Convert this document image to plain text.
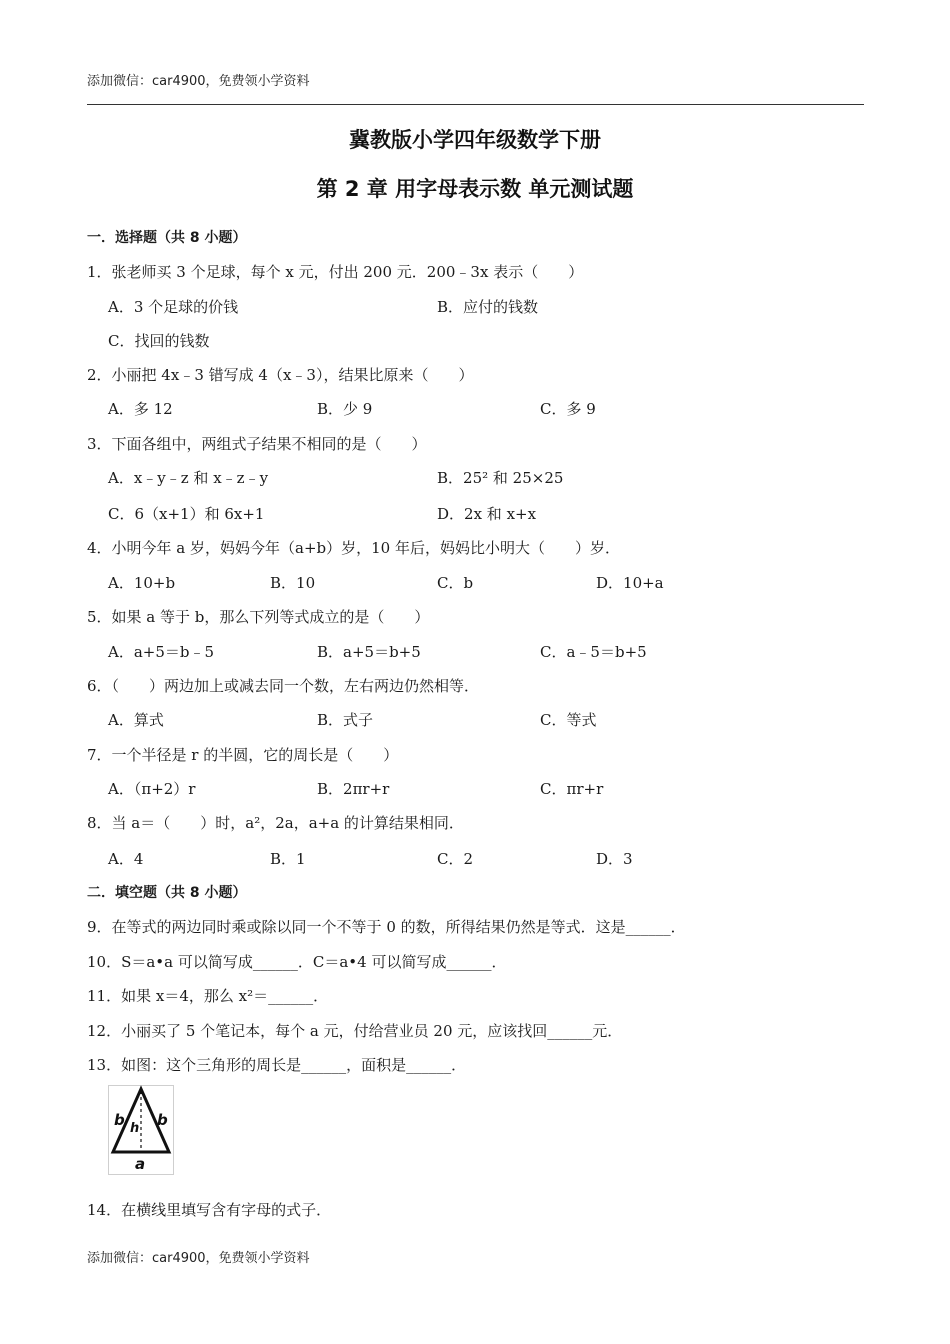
添加微信：car4900，免费领小学资料
冀教版小学四年级数学下册
第 2 章 用字母表示数 单元测试题
一．选择题（共 8 小题）
1．张老师买 3 个足球，每个 x 元，付出 200 元．200﹣3x 表示（　　）
A．3 个足球的价钱	B．应付的钱数
C．找回的钱数
2．小丽把 4x﹣3 错写成 4（x﹣3），结果比原来（　　）
A．多 12	B．少 9	C．多 9
3．下面各组中，两组式子结果不相同的是（　　）
A．x﹣y﹣z 和 x﹣z﹣y	B．25² 和 25×25
C．6（x+1）和 6x+1	D．2x 和 x+x
4．小明今年 a 岁，妈妈今年（a+b）岁，10 年后，妈妈比小明大（　　）岁．
A．10+b	B．10	C．b	D．10+a
5．如果 a 等于 b，那么下列等式成立的是（　　）
A．a+5＝b﹣5	B．a+5＝b+5	C．a﹣5＝b+5
6．（　　）两边加上或减去同一个数，左右两边仍然相等．
A．算式	B．式子	C．等式
7．一个半径是 r 的半圆，它的周长是（　　）
A．（π+2）r	B．2πr+r	C．πr+r
8．当 a＝（　　）时，a²，2a，a+a 的计算结果相同．
A．4	B．1	C．2	D．3
二．填空题（共 8 小题）
9．在等式的两边同时乘或除以同一个不等于 0 的数，所得结果仍然是等式．这是______．
10．S＝a•a 可以简写成______．C＝a•4 可以简写成______．
11．如果 x＝4，那么 x²＝______．
12．小丽买了 5 个笔记本，每个 a 元，付给营业员 20 元，应该找回______元．
13．如图：这个三角形的周长是______，面积是______．
b h b
a
14．在横线里填写含有字母的式子．
添加微信：car4900，免费领小学资料
